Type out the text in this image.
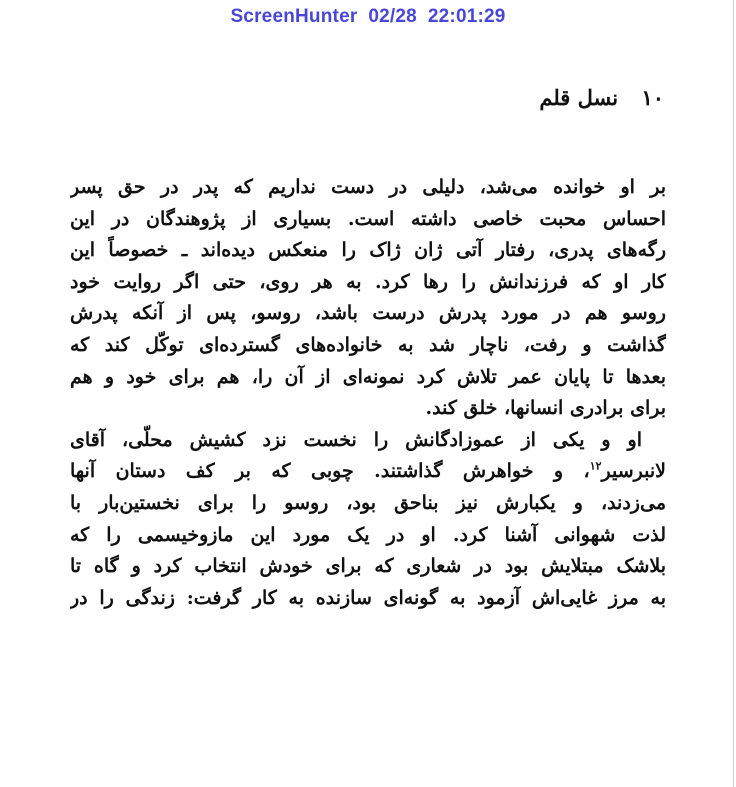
ScreenHunter  02/28  22:01:29
۱۰ نسل قلم
بر او خوانده می‌شد، دلیلی در دست نداریم که پدر در حق پسر
احساس محبت خاصی داشته است. بسیاری از پژوهندگان در این
رگه‌های پدری، رفتار آتی ژان ژاک را منعکس دیده‌اند ـ خصوصاً این
کار او که فرزندانش را رها کرد. به هر روی، حتی اگر روایت خود
روسو هم در مورد پدرش درست باشد، روسو، پس از آنکه پدرش
گذاشت و رفت، ناچار شد به خانواده‌های گسترده‌ای توکّل کند که
بعدها تا پایان عمر تلاش کرد نمونه‌ای از آن را، هم برای خود و هم
برای برادری انسانها، خلق کند.
او و یکی از عموزادگانش را نخست نزد کشیش محلّی، آقای
لانبرسیر$^{۱۲}$، و خواهرش گذاشتند. چوبی که بر کف دستان آنها
می‌زدند، و یکبارش نیز بناحق بود، روسو را برای نخستین‌بار با
لذت شهوانی آشنا کرد. او در یک مورد این مازوخیسمی را که
بلاشک مبتلایش بود در شعاری که برای خودش انتخاب کرد و گاه تا
به مرز غایی‌اش آزمود به گونه‌ای سازنده به کار گرفت: زندگی را در
